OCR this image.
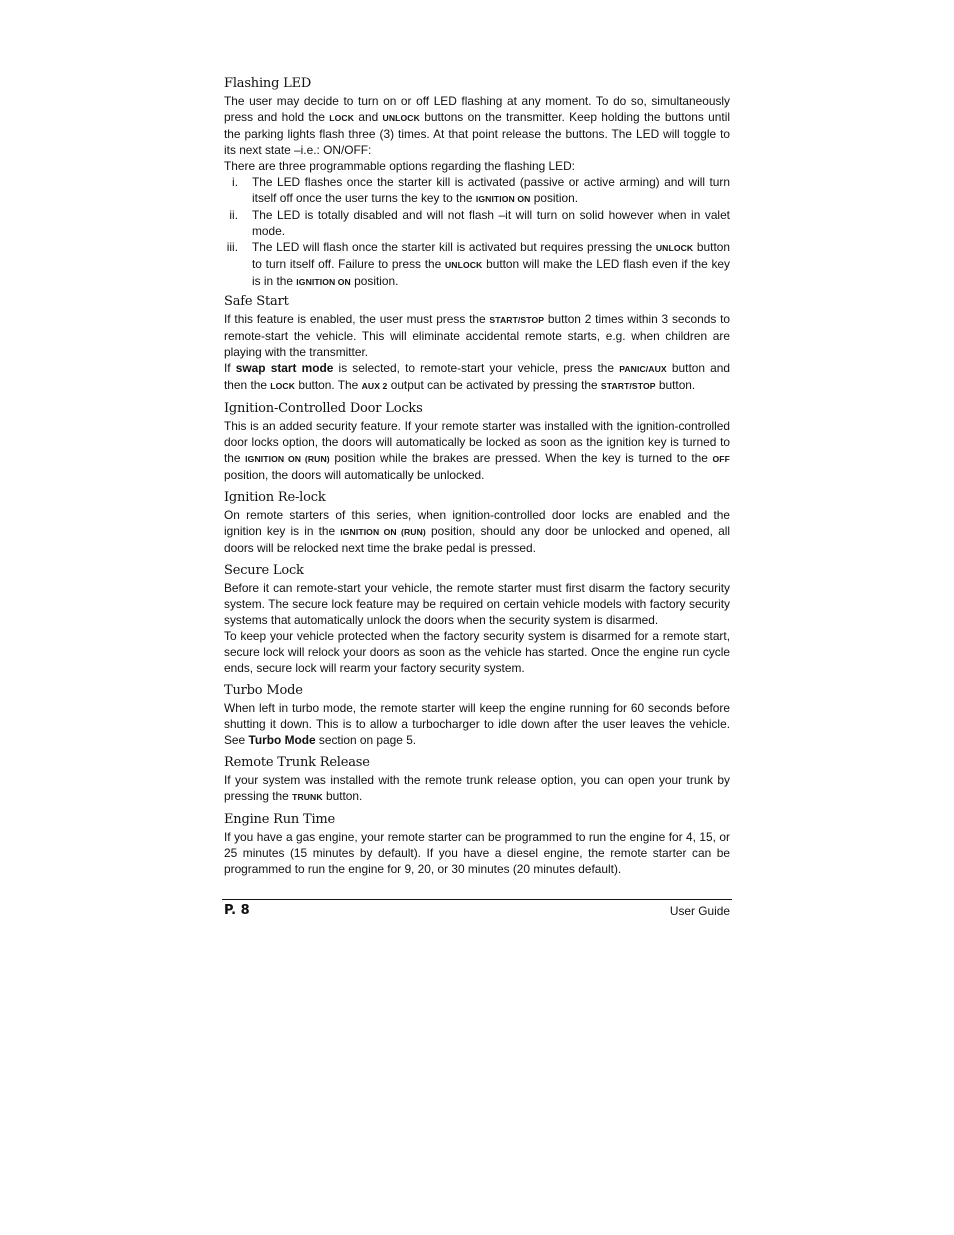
Flashing LED

The user may decide to turn on or off LED flashing at any moment. To do so, simultaneously press and hold the LOCK and UNLOCK buttons on the transmitter. Keep holding the buttons until the parking lights flash three (3) times. At that point release the buttons. The LED will toggle to its next state –i.e.: ON/OFF:

There are three programmable options regarding the flashing LED:

i. The LED flashes once the starter kill is activated (passive or active arming) and will turn itself off once the user turns the key to the IGNITION ON position.
ii. The LED is totally disabled and will not flash –it will turn on solid however when in valet mode.
iii. The LED will flash once the starter kill is activated but requires pressing the UNLOCK button to turn itself off. Failure to press the UNLOCK button will make the LED flash even if the key is in the IGNITION ON position.
Safe Start

If this feature is enabled, the user must press the START/STOP button 2 times within 3 seconds to remote-start the vehicle. This will eliminate accidental remote starts, e.g. when children are playing with the transmitter.

If swap start mode is selected, to remote-start your vehicle, press the PANIC/AUX button and then the LOCK button. The AUX 2 output can be activated by pressing the START/STOP button.

Ignition-Controlled Door Locks

This is an added security feature. If your remote starter was installed with the ignition-controlled door locks option, the doors will automatically be locked as soon as the ignition key is turned to the IGNITION ON (RUN) position while the brakes are pressed. When the key is turned to the OFF position, the doors will automatically be unlocked.

Ignition Re-lock

On remote starters of this series, when ignition-controlled door locks are enabled and the ignition key is in the IGNITION ON (RUN) position, should any door be unlocked and opened, all doors will be relocked next time the brake pedal is pressed.

Secure Lock

Before it can remote-start your vehicle, the remote starter must first disarm the factory security system. The secure lock feature may be required on certain vehicle models with factory security systems that automatically unlock the doors when the security system is disarmed.

To keep your vehicle protected when the factory security system is disarmed for a remote start, secure lock will relock your doors as soon as the vehicle has started. Once the engine run cycle ends, secure lock will rearm your factory security system.

Turbo Mode

When left in turbo mode, the remote starter will keep the engine running for 60 seconds before shutting it down. This is to allow a turbocharger to idle down after the user leaves the vehicle. See Turbo Mode section on page 5.

Remote Trunk Release

If your system was installed with the remote trunk release option, you can open your trunk by pressing the TRUNK button.

Engine Run Time

If you have a gas engine, your remote starter can be programmed to run the engine for 4, 15, or 25 minutes (15 minutes by default). If you have a diesel engine, the remote starter can be programmed to run the engine for 9, 20, or 30 minutes (20 minutes default).

P. 8	User Guide
